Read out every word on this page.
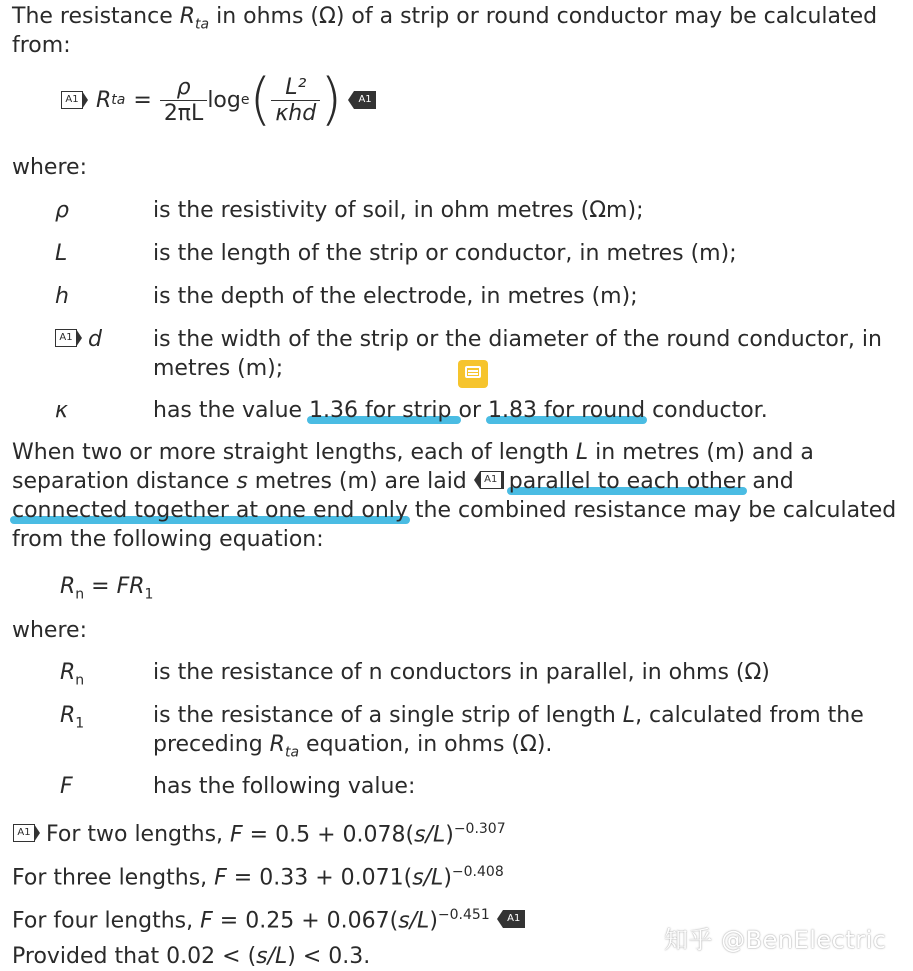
The resistance $R_{ta}$ in ohms (Ω) of a strip or round conductor may be calculated
from:
A1 R ta = $\frac{\rho}{2\pi L}$ log e ( $\frac{\text{L²}}{\text{κhd}}$ )	A1
where:
ρ	is the resistivity of soil, in ohm metres (Ωm);
L	is the length of the strip or conductor, in metres (m);
h	is the depth of the electrode, in metres (m);
A1 d is the width of the strip or the diameter of the round conductor, in
metres (m);
κ	has the value 1.36 for strip or 1.83 for round conductor.
When two or more straight lengths, each of length L in metres (m) and a
separation distance s metres (m) are laid	A1 parallel to each other and
connected together at one end only the combined resistance may be calculated
from the following equation:
$R_n = FR_1$
where:
$R_n$	is the resistance of n conductors in parallel, in ohms (Ω)
$R_1$	is the resistance of a single strip of length L, calculated from the
preceding $R_{ta}$ equation, in ohms (Ω).
F	has the following value:
A1 For two lengths, $F = 0.5 + 0.078(s/L)^{-0.307}$
For three lengths, $F = 0.33 + 0.071(s/L)^{-0.408}$
For four lengths, $F = 0.25 + 0.067(s/L)^{-0.451}$	A1
Provided that 0.02 < (s/L) < 0.3.
知乎 @BenElectric
